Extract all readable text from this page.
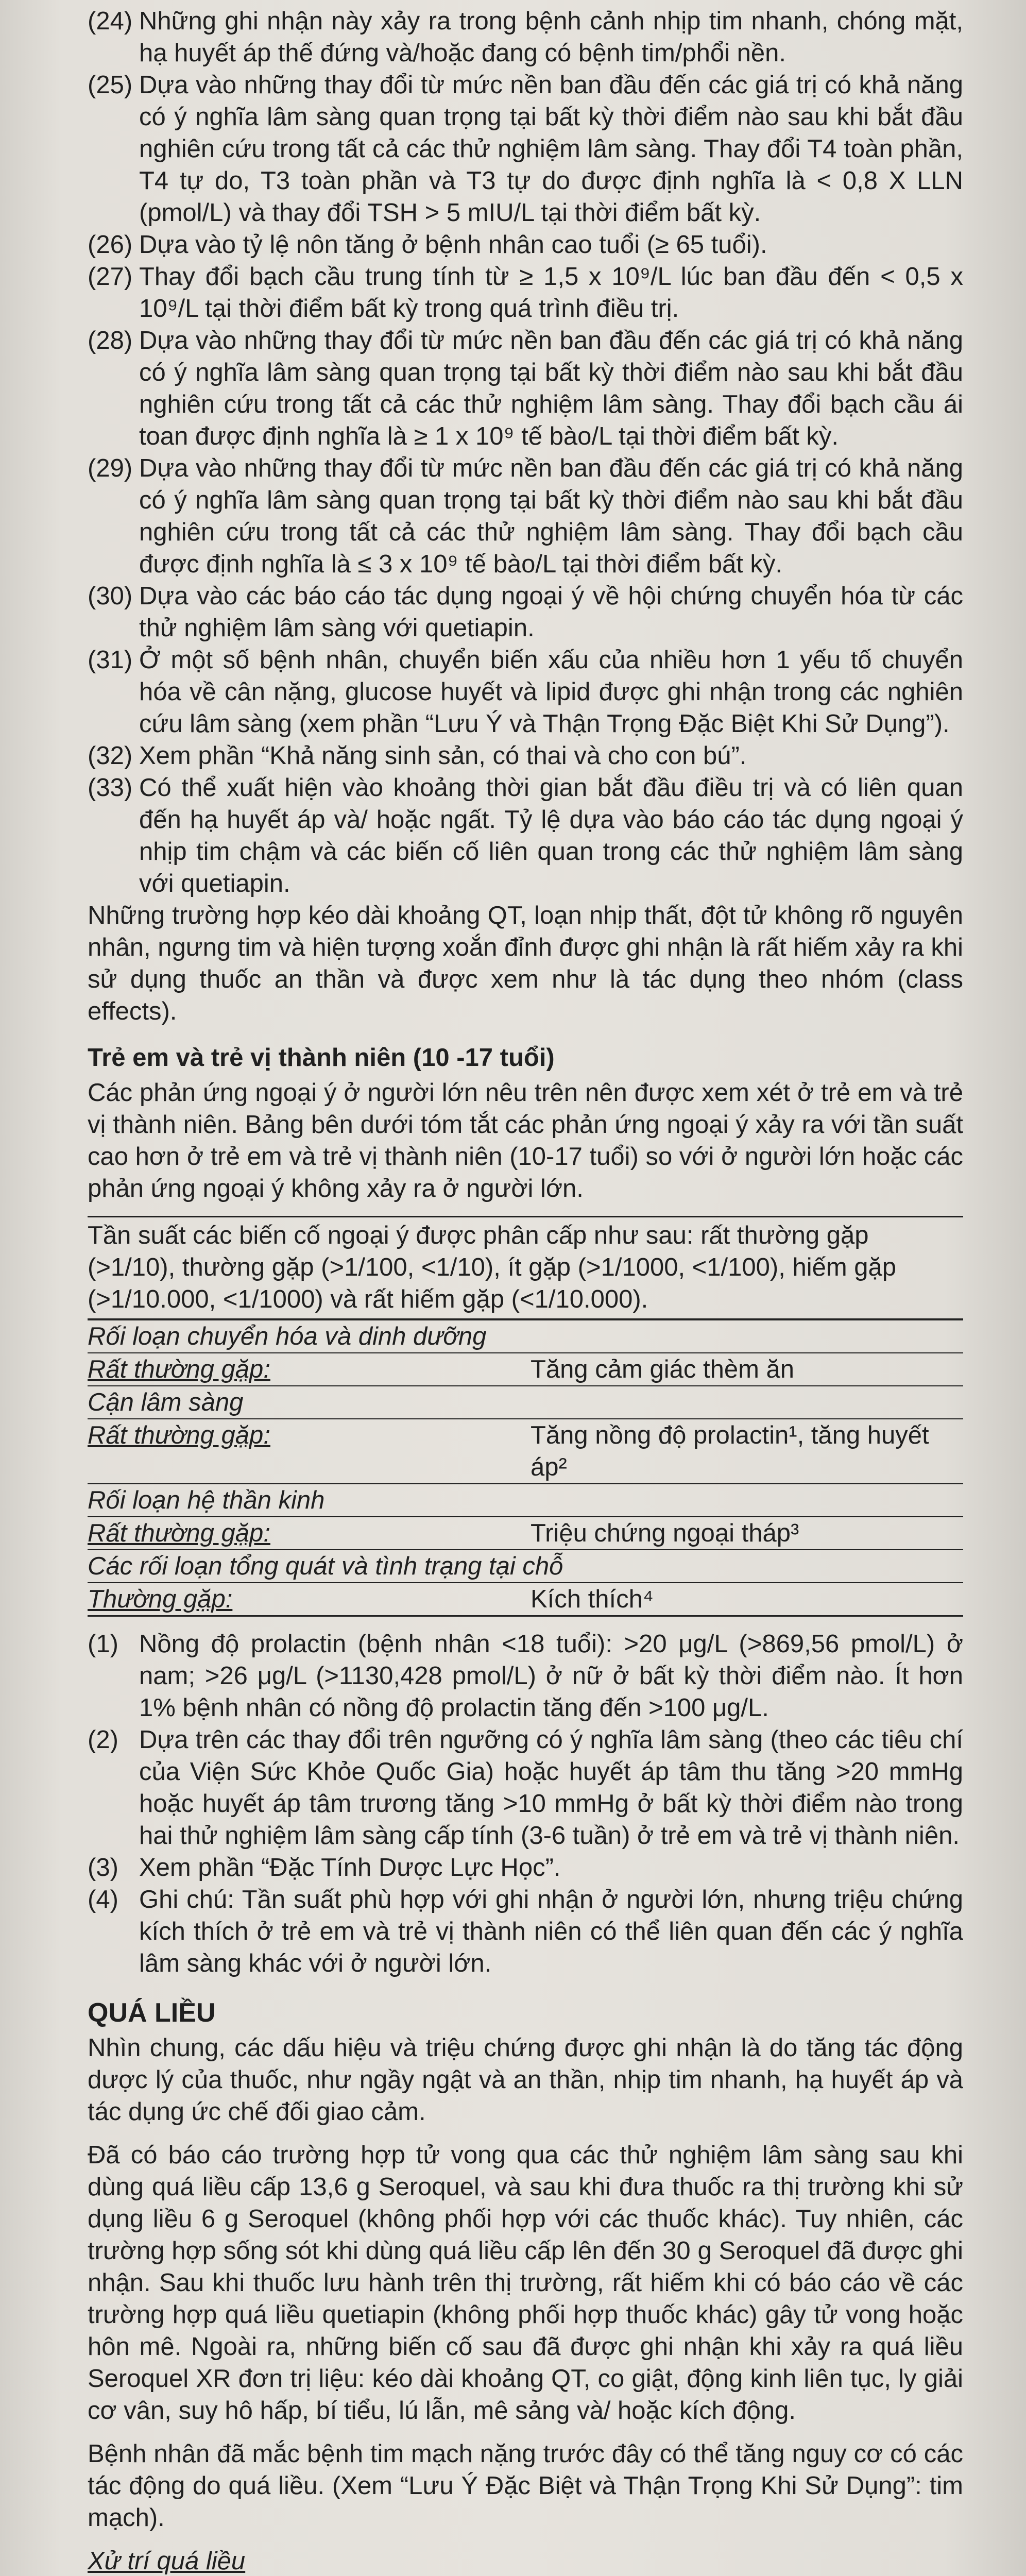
(24) Những ghi nhận này xảy ra trong bệnh cảnh nhịp tim nhanh, chóng mặt, hạ huyết áp thế đứng và/hoặc đang có bệnh tim/phổi nền.

(25) Dựa vào những thay đổi từ mức nền ban đầu đến các giá trị có khả năng có ý nghĩa lâm sàng quan trọng tại bất kỳ thời điểm nào sau khi bắt đầu nghiên cứu trong tất cả các thử nghiệm lâm sàng. Thay đổi T4 toàn phần, T4 tự do, T3 toàn phần và T3 tự do được định nghĩa là < 0,8 X LLN (pmol/L) và thay đổi TSH > 5 mIU/L tại thời điểm bất kỳ.

(26) Dựa vào tỷ lệ nôn tăng ở bệnh nhân cao tuổi (≥ 65 tuổi).

(27) Thay đổi bạch cầu trung tính từ ≥ 1,5 x 10⁹/L lúc ban đầu đến < 0,5 x 10⁹/L tại thời điểm bất kỳ trong quá trình điều trị.

(28) Dựa vào những thay đổi từ mức nền ban đầu đến các giá trị có khả năng có ý nghĩa lâm sàng quan trọng tại bất kỳ thời điểm nào sau khi bắt đầu nghiên cứu trong tất cả các thử nghiệm lâm sàng. Thay đổi bạch cầu ái toan được định nghĩa là ≥ 1 x 10⁹ tế bào/L tại thời điểm bất kỳ.

(29) Dựa vào những thay đổi từ mức nền ban đầu đến các giá trị có khả năng có ý nghĩa lâm sàng quan trọng tại bất kỳ thời điểm nào sau khi bắt đầu nghiên cứu trong tất cả các thử nghiệm lâm sàng. Thay đổi bạch cầu được định nghĩa là ≤ 3 x 10⁹ tế bào/L tại thời điểm bất kỳ.

(30) Dựa vào các báo cáo tác dụng ngoại ý về hội chứng chuyển hóa từ các thử nghiệm lâm sàng với quetiapin.

(31) Ở một số bệnh nhân, chuyển biến xấu của nhiều hơn 1 yếu tố chuyển hóa về cân nặng, glucose huyết và lipid được ghi nhận trong các nghiên cứu lâm sàng (xem phần “Lưu Ý và Thận Trọng Đặc Biệt Khi Sử Dụng”).

(32) Xem phần “Khả năng sinh sản, có thai và cho con bú”.

(33) Có thể xuất hiện vào khoảng thời gian bắt đầu điều trị và có liên quan đến hạ huyết áp và/ hoặc ngất. Tỷ lệ dựa vào báo cáo tác dụng ngoại ý nhịp tim chậm và các biến cố liên quan trong các thử nghiệm lâm sàng với quetiapin.

Những trường hợp kéo dài khoảng QT, loạn nhịp thất, đột tử không rõ nguyên nhân, ngưng tim và hiện tượng xoắn đỉnh được ghi nhận là rất hiếm xảy ra khi sử dụng thuốc an thần và được xem như là tác dụng theo nhóm (class effects).

Trẻ em và trẻ vị thành niên (10 -17 tuổi)

Các phản ứng ngoại ý ở người lớn nêu trên nên được xem xét ở trẻ em và trẻ vị thành niên. Bảng bên dưới tóm tắt các phản ứng ngoại ý xảy ra với tần suất cao hơn ở trẻ em và trẻ vị thành niên (10-17 tuổi) so với ở người lớn hoặc các phản ứng ngoại ý không xảy ra ở người lớn.

Tần suất các biến cố ngoại ý được phân cấp như sau: rất thường gặp (>1/10), thường gặp (>1/100, <1/10), ít gặp (>1/1000, <1/100), hiếm gặp (>1/10.000, <1/1000) và rất hiếm gặp (<1/10.000).
Rối loạn chuyển hóa và dinh dưỡng
Rất thường gặp:	Tăng cảm giác thèm ăn
Cận lâm sàng
Rất thường gặp:	Tăng nồng độ prolactin¹, tăng huyết áp²
Rối loạn hệ thần kinh
Rất thường gặp:	Triệu chứng ngoại tháp³
Các rối loạn tổng quát và tình trạng tại chỗ
Thường gặp:	Kích thích⁴

(1) Nồng độ prolactin (bệnh nhân <18 tuổi): >20 μg/L (>869,56 pmol/L) ở nam; >26 μg/L (>1130,428 pmol/L) ở nữ ở bất kỳ thời điểm nào. Ít hơn 1% bệnh nhân có nồng độ prolactin tăng đến >100 μg/L.

(2) Dựa trên các thay đổi trên ngưỡng có ý nghĩa lâm sàng (theo các tiêu chí của Viện Sức Khỏe Quốc Gia) hoặc huyết áp tâm thu tăng >20 mmHg hoặc huyết áp tâm trương tăng >10 mmHg ở bất kỳ thời điểm nào trong hai thử nghiệm lâm sàng cấp tính (3-6 tuần) ở trẻ em và trẻ vị thành niên.

(3) Xem phần “Đặc Tính Dược Lực Học”.

(4) Ghi chú: Tần suất phù hợp với ghi nhận ở người lớn, nhưng triệu chứng kích thích ở trẻ em và trẻ vị thành niên có thể liên quan đến các ý nghĩa lâm sàng khác với ở người lớn.

QUÁ LIỀU

Nhìn chung, các dấu hiệu và triệu chứng được ghi nhận là do tăng tác động dược lý của thuốc, như ngầy ngật và an thần, nhịp tim nhanh, hạ huyết áp và tác dụng ức chế đối giao cảm.

Đã có báo cáo trường hợp tử vong qua các thử nghiệm lâm sàng sau khi dùng quá liều cấp 13,6 g Seroquel, và sau khi đưa thuốc ra thị trường khi sử dụng liều 6 g Seroquel (không phối hợp với các thuốc khác). Tuy nhiên, các trường hợp sống sót khi dùng quá liều cấp lên đến 30 g Seroquel đã được ghi nhận. Sau khi thuốc lưu hành trên thị trường, rất hiếm khi có báo cáo về các trường hợp quá liều quetiapin (không phối hợp thuốc khác) gây tử vong hoặc hôn mê. Ngoài ra, những biến cố sau đã được ghi nhận khi xảy ra quá liều Seroquel XR đơn trị liệu: kéo dài khoảng QT, co giật, động kinh liên tục, ly giải cơ vân, suy hô hấp, bí tiểu, lú lẫn, mê sảng và/ hoặc kích động.

Bệnh nhân đã mắc bệnh tim mạch nặng trước đây có thể tăng nguy cơ có các tác động do quá liều. (Xem “Lưu Ý Đặc Biệt và Thận Trọng Khi Sử Dụng”: tim mạch).

Xử trí quá liều
